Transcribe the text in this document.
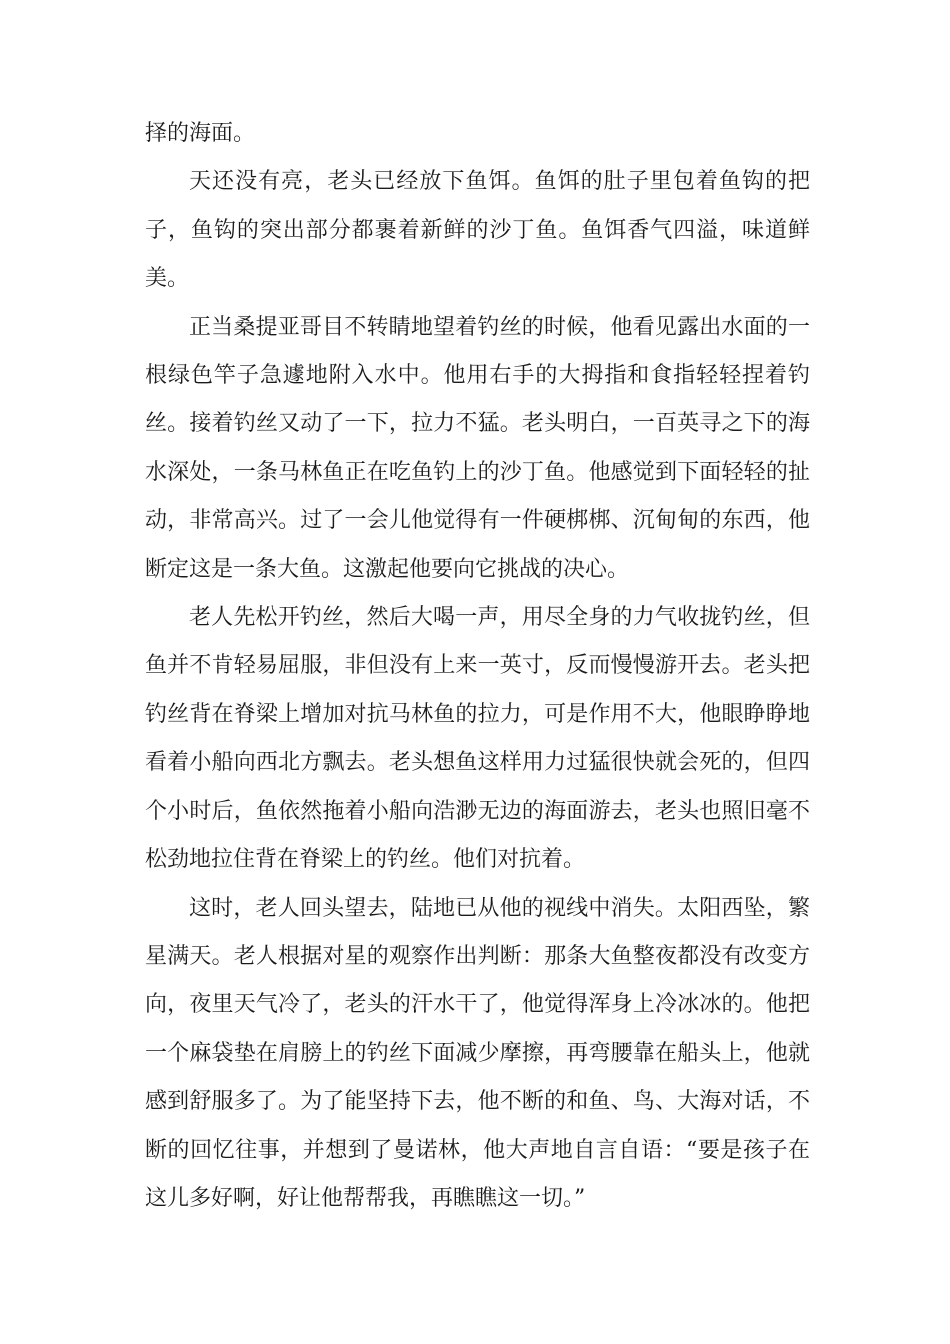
择的海面。

天还没有亮，老头已经放下鱼饵。鱼饵的肚子里包着鱼钩的把子，鱼钩的突出部分都裹着新鲜的沙丁鱼。鱼饵香气四溢，味道鲜美。

正当桑提亚哥目不转睛地望着钓丝的时候，他看见露出水面的一根绿色竿子急遽地附入水中。他用右手的大拇指和食指轻轻捏着钓丝。接着钓丝又动了一下，拉力不猛。老头明白，一百英寻之下的海水深处，一条马林鱼正在吃鱼钓上的沙丁鱼。他感觉到下面轻轻的扯动，非常高兴。过了一会儿他觉得有一件硬梆梆、沉甸甸的东西，他断定这是一条大鱼。这激起他要向它挑战的决心。

老人先松开钓丝，然后大喝一声，用尽全身的力气收拢钓丝，但鱼并不肯轻易屈服，非但没有上来一英寸，反而慢慢游开去。老头把钓丝背在脊梁上增加对抗马林鱼的拉力，可是作用不大，他眼睁睁地看着小船向西北方飘去。老头想鱼这样用力过猛很快就会死的，但四个小时后，鱼依然拖着小船向浩渺无边的海面游去，老头也照旧毫不松劲地拉住背在脊梁上的钓丝。他们对抗着。

这时，老人回头望去，陆地已从他的视线中消失。太阳西坠，繁星满天。老人根据对星的观察作出判断：那条大鱼整夜都没有改变方向，夜里天气冷了，老头的汗水干了，他觉得浑身上冷冰冰的。他把一个麻袋垫在肩膀上的钓丝下面减少摩擦，再弯腰靠在船头上，他就感到舒服多了。为了能坚持下去，他不断的和鱼、鸟、大海对话，不断的回忆往事，并想到了曼诺林，他大声地自言自语：“要是孩子在这儿多好啊，好让他帮帮我，再瞧瞧这一切。”
